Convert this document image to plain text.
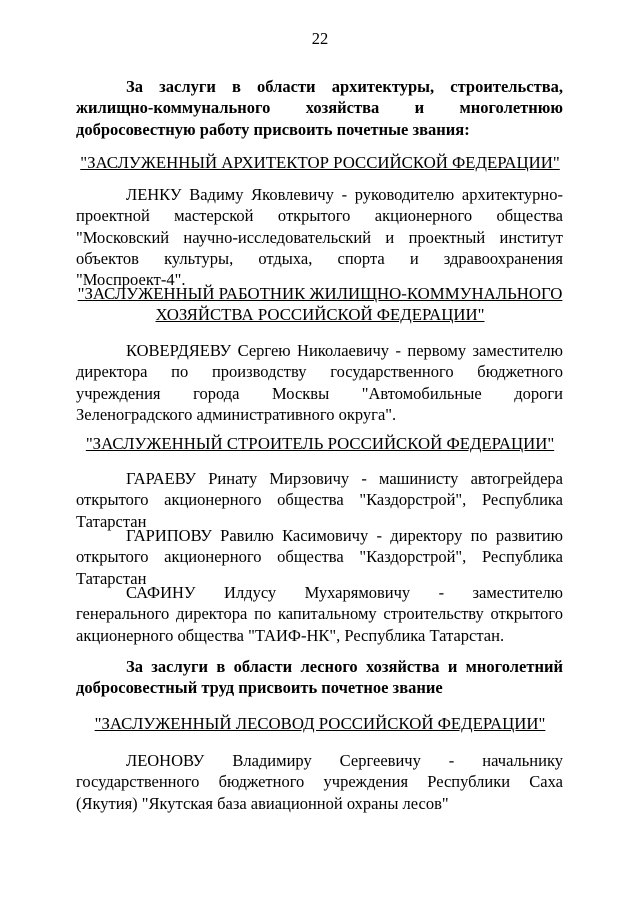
22
За заслуги в области архитектуры, строительства, жилищно-коммунального хозяйства и многолетнюю добросовестную работу присвоить почетные звания:
"ЗАСЛУЖЕННЫЙ АРХИТЕКТОР РОССИЙСКОЙ ФЕДЕРАЦИИ"
ЛЕНКУ Вадиму Яковлевичу - руководителю архитектурно-проектной мастерской открытого акционерного общества "Московский научно-исследовательский и проектный институт объектов культуры, отдыха, спорта и здравоохранения "Моспроект-4".
"ЗАСЛУЖЕННЫЙ РАБОТНИК ЖИЛИЩНО-КОММУНАЛЬНОГО
ХОЗЯЙСТВА РОССИЙСКОЙ ФЕДЕРАЦИИ"
КОВЕРДЯЕВУ Сергею Николаевичу - первому заместителю директора по производству государственного бюджетного учреждения города Москвы "Автомобильные дороги Зеленоградского административного округа".
"ЗАСЛУЖЕННЫЙ СТРОИТЕЛЬ РОССИЙСКОЙ ФЕДЕРАЦИИ"
ГАРАЕВУ Ринату Мирзовичу - машинисту автогрейдера открытого акционерного общества "Каздорстрой", Республика Татарстан
ГАРИПОВУ Равилю Касимовичу - директору по развитию открытого акционерного общества "Каздорстрой", Республика Татарстан
САФИНУ Илдусу Мухарямовичу - заместителю генерального директора по капитальному строительству открытого акционерного общества "ТАИФ-НК", Республика Татарстан.
За заслуги в области лесного хозяйства и многолетний добросовестный труд присвоить почетное звание
"ЗАСЛУЖЕННЫЙ ЛЕСОВОД РОССИЙСКОЙ ФЕДЕРАЦИИ"
ЛЕОНОВУ Владимиру Сергеевичу - начальнику государственного бюджетного учреждения Республики Саха (Якутия) "Якутская база авиационной охраны лесов"
